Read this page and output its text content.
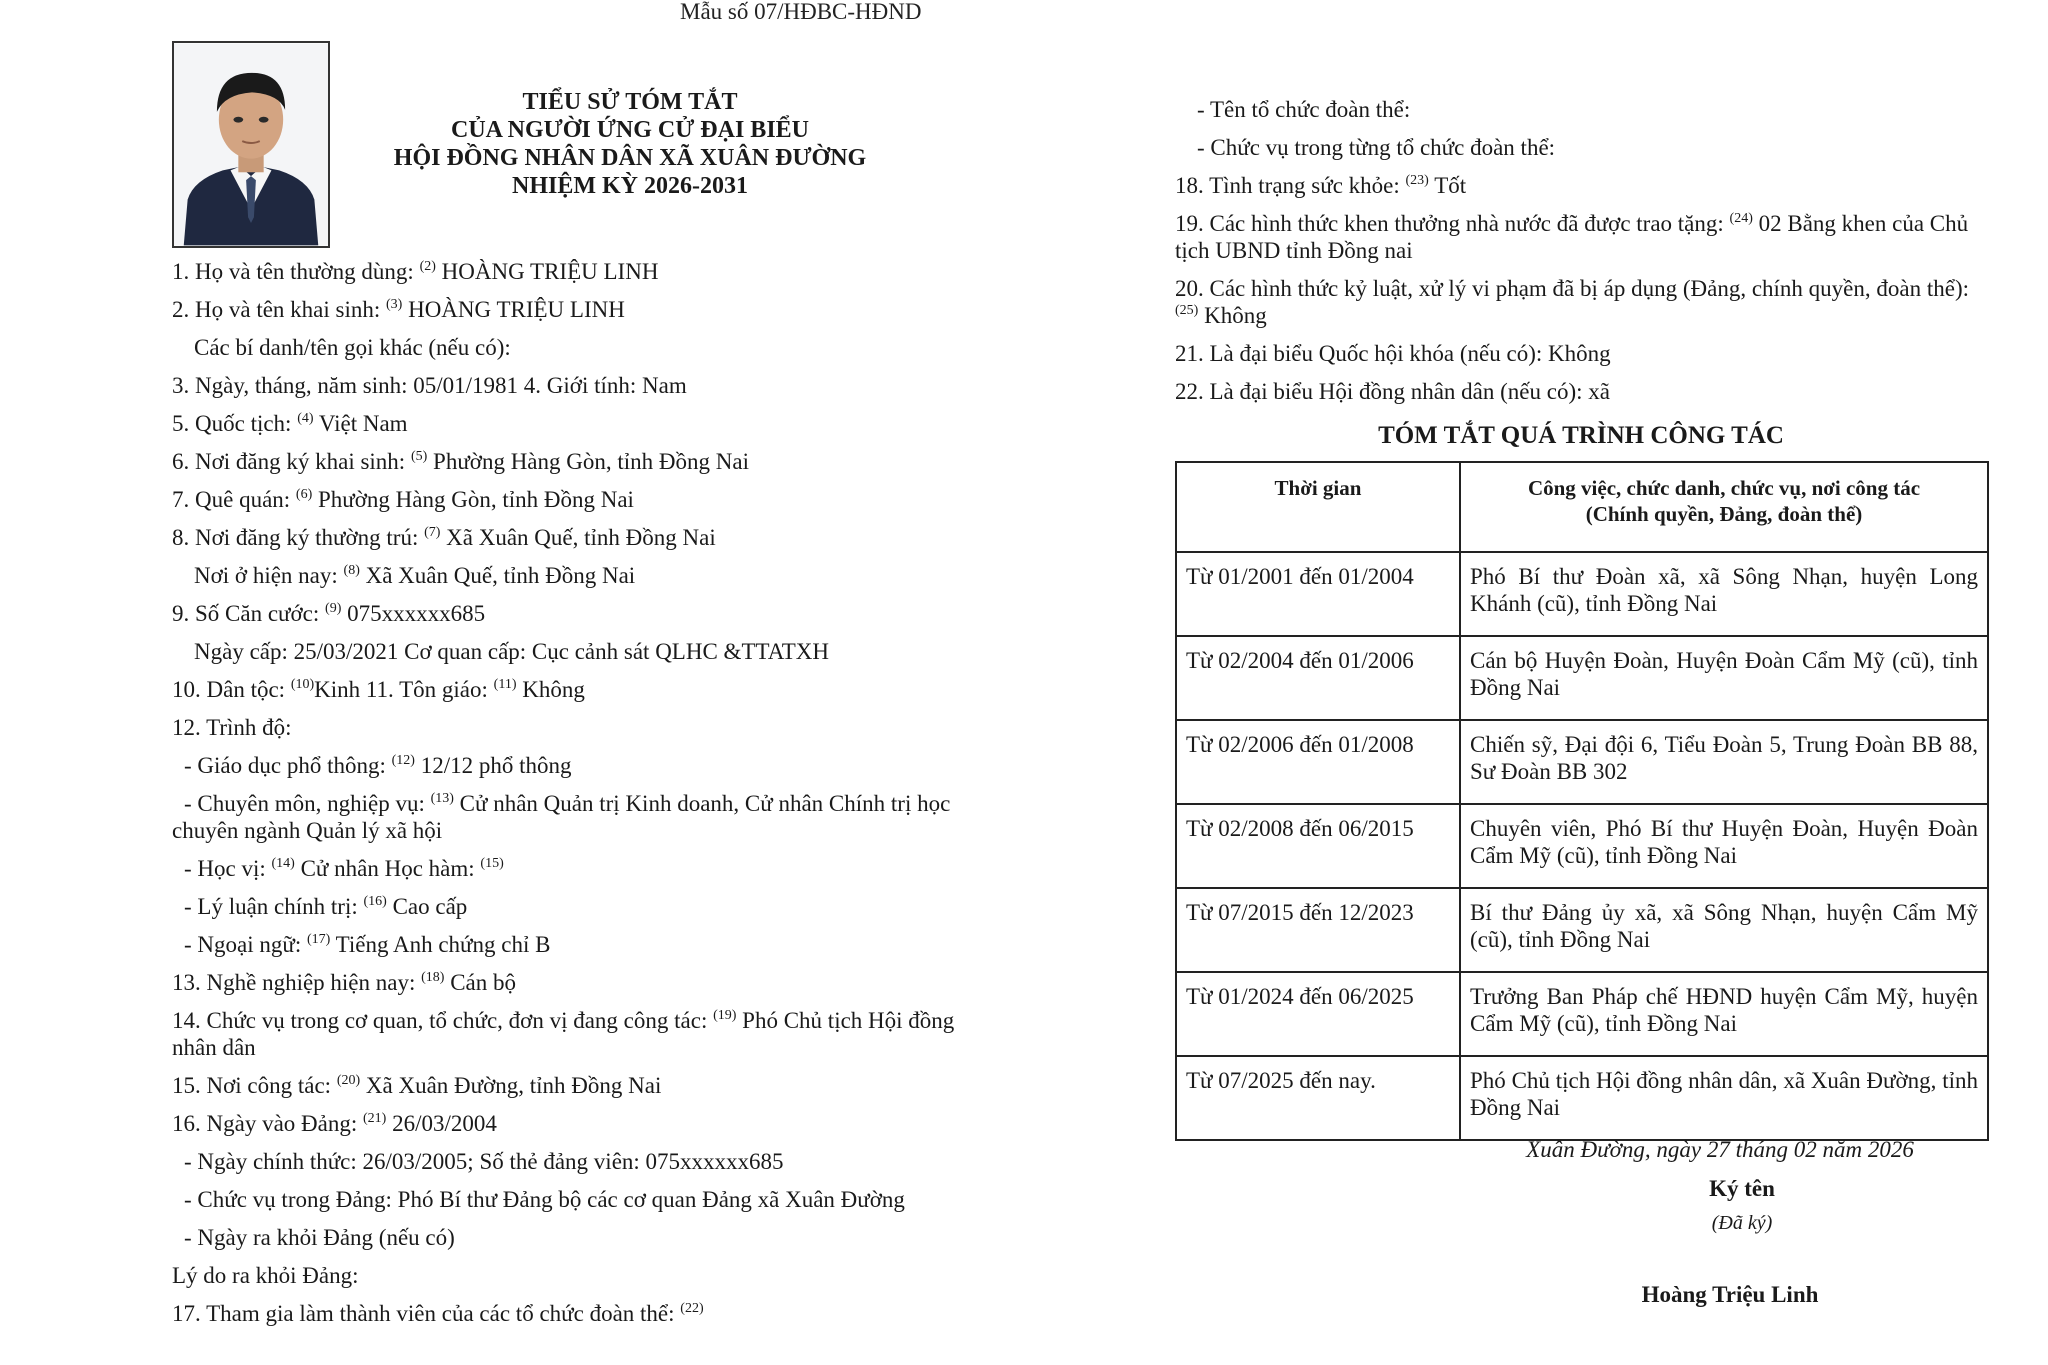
Mẫu số 07/HĐBC-HĐND
TIỂU SỬ TÓM TẮT
CỦA NGƯỜI ỨNG CỬ ĐẠI BIỂU
HỘI ĐỒNG NHÂN DÂN XÃ XUÂN ĐƯỜNG
NHIỆM KỲ 2026-2031
1. Họ và tên thường dùng: $^{(2)}$ HOÀNG TRIỆU LINH
2. Họ và tên khai sinh: $^{(3)}$ HOÀNG TRIỆU LINH
Các bí danh/tên gọi khác (nếu có):
3. Ngày, tháng, năm sinh: 05/01/1981 4. Giới tính: Nam
5. Quốc tịch: $^{(4)}$ Việt Nam
6. Nơi đăng ký khai sinh: $^{(5)}$ Phường Hàng Gòn, tỉnh Đồng Nai
7. Quê quán: $^{(6)}$ Phường Hàng Gòn, tỉnh Đồng Nai
8. Nơi đăng ký thường trú: $^{(7)}$ Xã Xuân Quế, tỉnh Đồng Nai
Nơi ở hiện nay: $^{(8)}$ Xã Xuân Quế, tỉnh Đồng Nai
9. Số Căn cước: $^{(9)}$ 075xxxxxx685
Ngày cấp: 25/03/2021 Cơ quan cấp: Cục cảnh sát QLHC &TTATXH
10. Dân tộc: $^{(10)}$Kinh 11. Tôn giáo: $^{(11)}$ Không
12. Trình độ:
- Giáo dục phổ thông: $^{(12)}$ 12/12 phổ thông
- Chuyên môn, nghiệp vụ: $^{(13)}$ Cử nhân Quản trị Kinh doanh, Cử nhân Chính trị học chuyên ngành Quản lý xã hội
- Học vị: $^{(14)}$ Cử nhân Học hàm: $^{(15)}$
- Lý luận chính trị: $^{(16)}$ Cao cấp
- Ngoại ngữ: $^{(17)}$ Tiếng Anh chứng chỉ B
13. Nghề nghiệp hiện nay: $^{(18)}$ Cán bộ
14. Chức vụ trong cơ quan, tổ chức, đơn vị đang công tác: $^{(19)}$ Phó Chủ tịch Hội đồng nhân dân
15. Nơi công tác: $^{(20)}$ Xã Xuân Đường, tỉnh Đồng Nai
16. Ngày vào Đảng: $^{(21)}$ 26/03/2004
- Ngày chính thức: 26/03/2005; Số thẻ đảng viên: 075xxxxxx685
- Chức vụ trong Đảng: Phó Bí thư Đảng bộ các cơ quan Đảng xã Xuân Đường
- Ngày ra khỏi Đảng (nếu có)
Lý do ra khỏi Đảng:
17. Tham gia làm thành viên của các tổ chức đoàn thể: $^{(22)}$
- Tên tổ chức đoàn thể:
- Chức vụ trong từng tổ chức đoàn thể:
18. Tình trạng sức khỏe: $^{(23)}$ Tốt
19. Các hình thức khen thưởng nhà nước đã được trao tặng: $^{(24)}$ 02 Bằng khen của Chủ tịch UBND tỉnh Đồng nai
20. Các hình thức kỷ luật, xử lý vi phạm đã bị áp dụng (Đảng, chính quyền, đoàn thể): $^{(25)}$ Không
21. Là đại biểu Quốc hội khóa (nếu có): Không
22. Là đại biểu Hội đồng nhân dân (nếu có): xã
TÓM TẮT QUÁ TRÌNH CÔNG TÁC
Thời gian	Công việc, chức danh, chức vụ, nơi công tác
(Chính quyền, Đảng, đoàn thể)

Từ 01/2001 đến 01/2004	Phó Bí thư Đoàn xã, xã Sông Nhạn, huyện Long Khánh (cũ), tỉnh Đồng Nai
Từ 02/2004 đến 01/2006	Cán bộ Huyện Đoàn, Huyện Đoàn Cẩm Mỹ (cũ), tỉnh Đồng Nai
Từ 02/2006 đến 01/2008	Chiến sỹ, Đại đội 6, Tiểu Đoàn 5, Trung Đoàn BB 88, Sư Đoàn BB 302
Từ 02/2008 đến 06/2015	Chuyên viên, Phó Bí thư Huyện Đoàn, Huyện Đoàn Cẩm Mỹ (cũ), tỉnh Đồng Nai
Từ 07/2015 đến 12/2023	Bí thư Đảng ủy xã, xã Sông Nhạn, huyện Cẩm Mỹ (cũ), tỉnh Đồng Nai
Từ 01/2024 đến 06/2025	Trưởng Ban Pháp chế HĐND huyện Cẩm Mỹ, huyện Cẩm Mỹ (cũ), tỉnh Đồng Nai
Từ 07/2025 đến nay.	Phó Chủ tịch Hội đồng nhân dân, xã Xuân Đường, tỉnh Đồng Nai
Xuân Đường, ngày 27 tháng 02 năm 2026
Ký tên
(Đã ký)
Hoàng Triệu Linh
